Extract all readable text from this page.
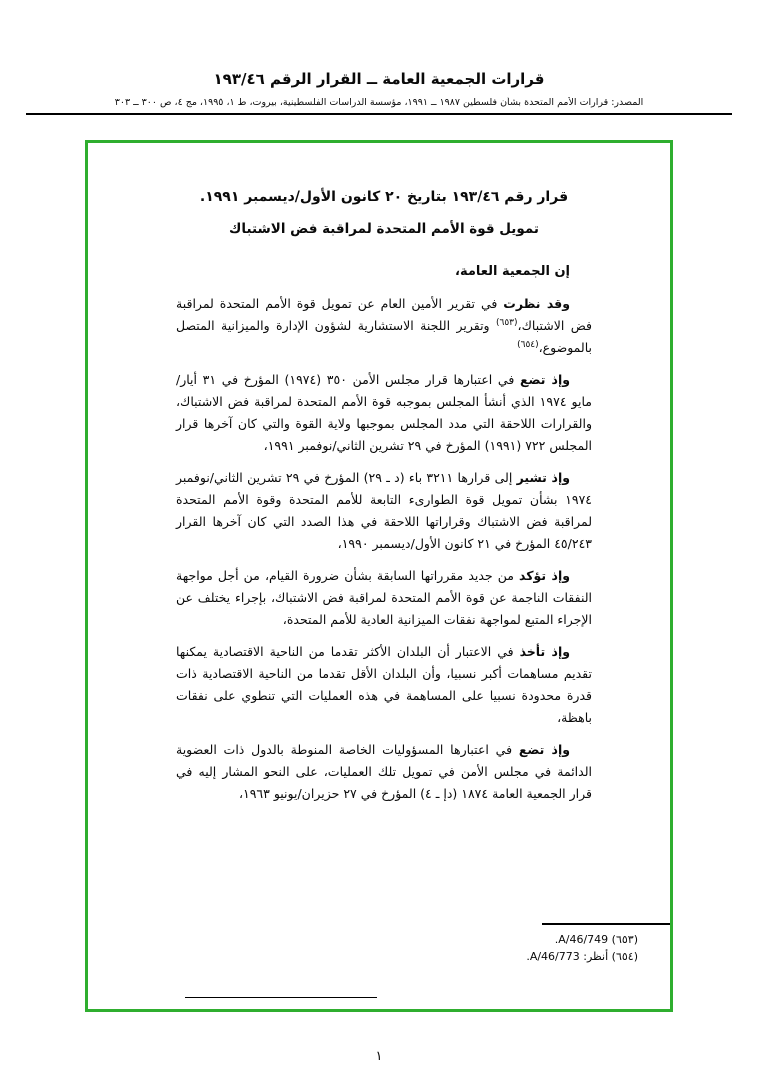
قرارات الجمعية العامة ــ القرار الرقم ١٩٣/٤٦
المصدر: قرارات الأمم المتحدة بشأن فلسطين ١٩٨٧ ــ ١٩٩١، مؤسسة الدراسات الفلسطينية، بيروت، ط ١، ١٩٩٥، مج ٤، ص ٣٠٠ ــ ٣٠٣
قرار رقم ١٩٣/٤٦ بتاريخ ٢٠ كانون الأول/ديسمبر ١٩٩١.
تمويل قوة الأمم المتحدة لمراقبة فض الاشتباك

إن الجمعية العامة،

وقد نظرت في تقرير الأمين العام عن تمويل قوة الأمم المتحدة لمراقبة فض الاشتباك،$^{(٦٥٣)}$ وتقرير اللجنة الاستشارية لشؤون الإدارة والميزانية المتصل بالموضوع،$^{(٦٥٤)}$

وإذ تضع في اعتبارها قرار مجلس الأمن ٣٥٠ (١٩٧٤) المؤرخ في ٣١ أيار/مايو ١٩٧٤ الذي أنشأ المجلس بموجبه قوة الأمم المتحدة لمراقبة فض الاشتباك، والقرارات اللاحقة التي مدد المجلس بموجبها ولاية القوة والتي كان آخرها قرار المجلس ٧٢٢ (١٩٩١) المؤرخ في ٢٩ تشرين الثاني/نوفمبر ١٩٩١،

وإذ تشير إلى قرارها ٣٢١١ باء (د ـ ٢٩) المؤرخ في ٢٩ تشرين الثاني/نوفمبر ١٩٧٤ بشأن تمويل قوة الطوارىء التابعة للأمم المتحدة وقوة الأمم المتحدة لمراقبة فض الاشتباك وقراراتها اللاحقة في هذا الصدد التي كان آخرها القرار ٤٥/٢٤٣ المؤرخ في ٢١ كانون الأول/ديسمبر ١٩٩٠،

وإذ تؤكد من جديد مقرراتها السابقة بشأن ضرورة القيام، من أجل مواجهة النفقات الناجمة عن قوة الأمم المتحدة لمراقبة فض الاشتباك، بإجراء يختلف عن الإجراء المتبع لمواجهة نفقات الميزانية العادية للأمم المتحدة،

وإذ تأخذ في الاعتبار أن البلدان الأكثر تقدما من الناحية الاقتصادية يمكنها تقديم مساهمات أكبر نسبيا، وأن البلدان الأقل تقدما من الناحية الاقتصادية ذات قدرة محدودة نسبيا على المساهمة في هذه العمليات التي تنطوي على نفقات باهظة،

وإذ تضع في اعتبارها المسؤوليات الخاصة المنوطة بالدول ذات العضوية الدائمة في مجلس الأمن في تمويل تلك العمليات، على النحو المشار إليه في قرار الجمعية العامة ١٨٧٤ (دإ ـ ٤) المؤرخ في ٢٧ حزيران/يونيو ١٩٦٣،

(٦٥٣) A/46/749.
(٦٥٤) أنظر: A/46/773.
١
